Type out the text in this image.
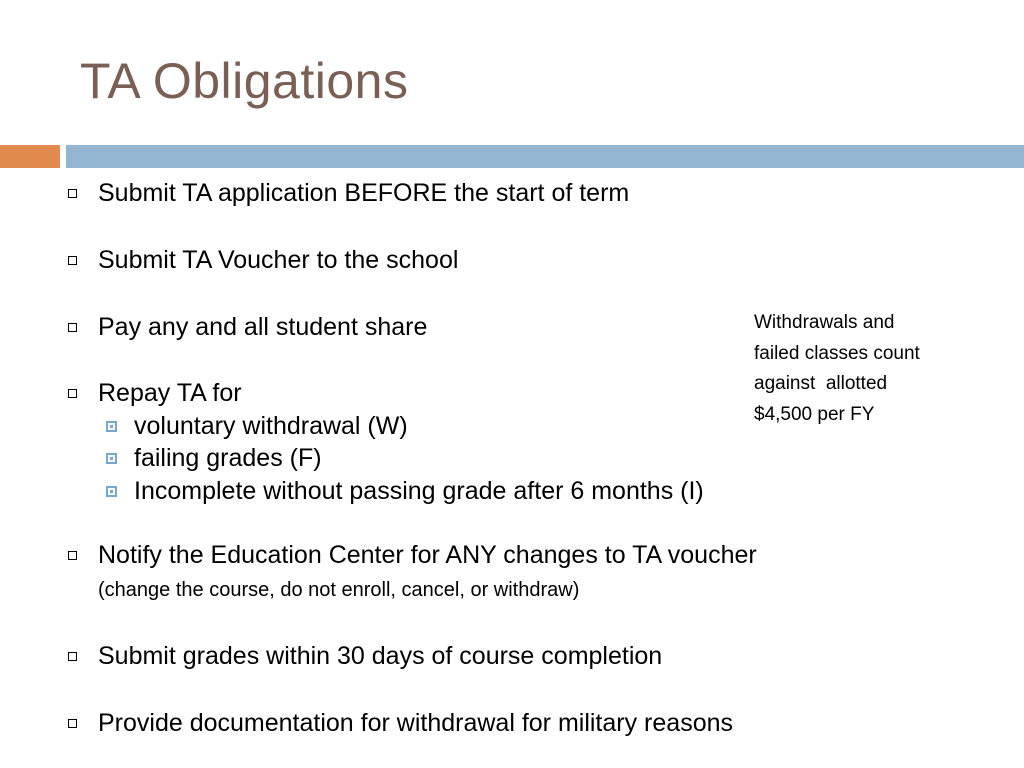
TA Obligations
Submit TA application BEFORE the start of term
Submit TA Voucher to the school
Pay any and all student share
Repay TA for
voluntary withdrawal (W)
failing grades (F)
Incomplete without passing grade after 6 months (I)
Notify the Education Center for ANY changes to TA voucher
Submit grades within 30 days of course completion
Provide documentation for withdrawal for military reasons
(change the course, do not enroll, cancel, or withdraw)
Withdrawals and
failed classes count
against  allotted
$4,500 per FY
